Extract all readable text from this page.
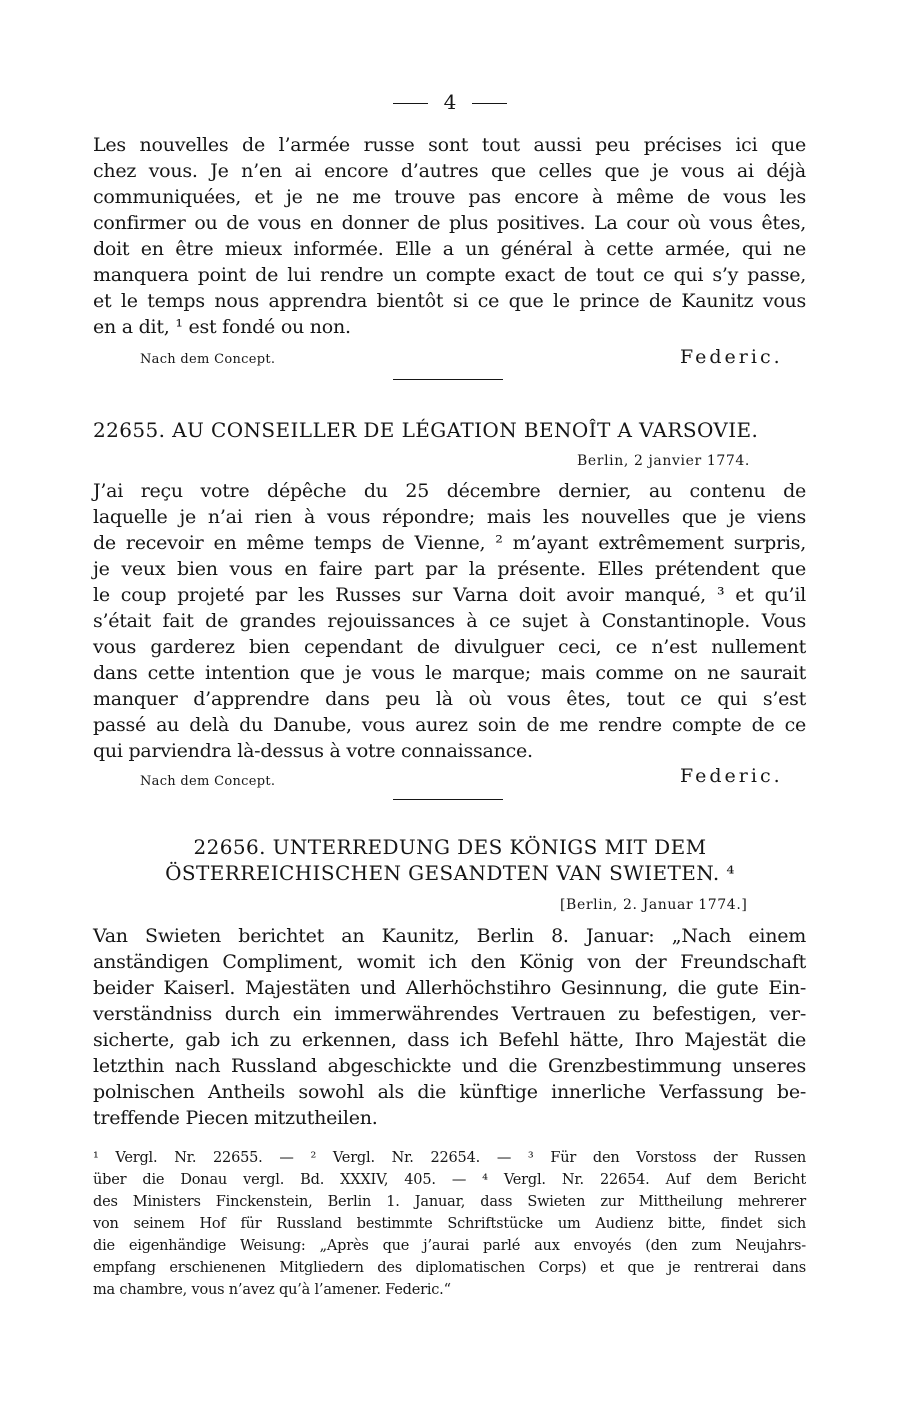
4
Les nouvelles de l’armée russe sont tout aussi peu précises ici que
chez vous. Je n’en ai encore d’autres que celles que je vous ai déjà
communiquées, et je ne me trouve pas encore à même de vous les
confirmer ou de vous en donner de plus positives. La cour où vous êtes,
doit en être mieux informée. Elle a un général à cette armée, qui ne
manquera point de lui rendre un compte exact de tout ce qui s’y passe,
et le temps nous apprendra bientôt si ce que le prince de Kaunitz vous
en a dit, ¹ est fondé ou non.
Nach dem Concept.	Federic.
22655. AU CONSEILLER DE LÉGATION BENOÎT A VARSOVIE.
Berlin, 2 janvier 1774.
J’ai reçu votre dépêche du 25 décembre dernier, au contenu de
laquelle je n’ai rien à vous répondre; mais les nouvelles que je viens
de recevoir en même temps de Vienne, ² m’ayant extrêmement surpris,
je veux bien vous en faire part par la présente. Elles prétendent que
le coup projeté par les Russes sur Varna doit avoir manqué, ³ et qu’il
s’était fait de grandes rejouissances à ce sujet à Constantinople. Vous
vous garderez bien cependant de divulguer ceci, ce n’est nullement
dans cette intention que je vous le marque; mais comme on ne saurait
manquer d’apprendre dans peu là où vous êtes, tout ce qui s’est
passé au delà du Danube, vous aurez soin de me rendre compte de ce
qui parviendra là-dessus à votre connaissance.
Nach dem Concept.	Federic.
22656. UNTERREDUNG DES KÖNIGS MIT DEM
ÖSTERREICHISCHEN GESANDTEN VAN SWIETEN. ⁴
[Berlin, 2. Januar 1774.]
Van Swieten berichtet an Kaunitz, Berlin 8. Januar: „Nach einem
anständigen Compliment, womit ich den König von der Freundschaft
beider Kaiserl. Majestäten und Allerhöchstihro Gesinnung, die gute Ein-
verständniss durch ein immerwährendes Vertrauen zu befestigen, ver-
sicherte, gab ich zu erkennen, dass ich Befehl hätte, Ihro Majestät die
letzthin nach Russland abgeschickte und die Grenzbestimmung unseres
polnischen Antheils sowohl als die künftige innerliche Verfassung be-
treffende Piecen mitzutheilen.
¹ Vergl. Nr. 22655. — ² Vergl. Nr. 22654. — ³ Für den Vorstoss der Russen
über die Donau vergl. Bd. XXXIV, 405. — ⁴ Vergl. Nr. 22654. Auf dem Bericht
des Ministers Finckenstein, Berlin 1. Januar, dass Swieten zur Mittheilung mehrerer
von seinem Hof für Russland bestimmte Schriftstücke um Audienz bitte, findet sich
die eigenhändige Weisung: „Après que j’aurai parlé aux envoyés (den zum Neujahrs-
empfang erschienenen Mitgliedern des diplomatischen Corps) et que je rentrerai dans
ma chambre, vous n’avez qu’à l’amener. Federic.“
